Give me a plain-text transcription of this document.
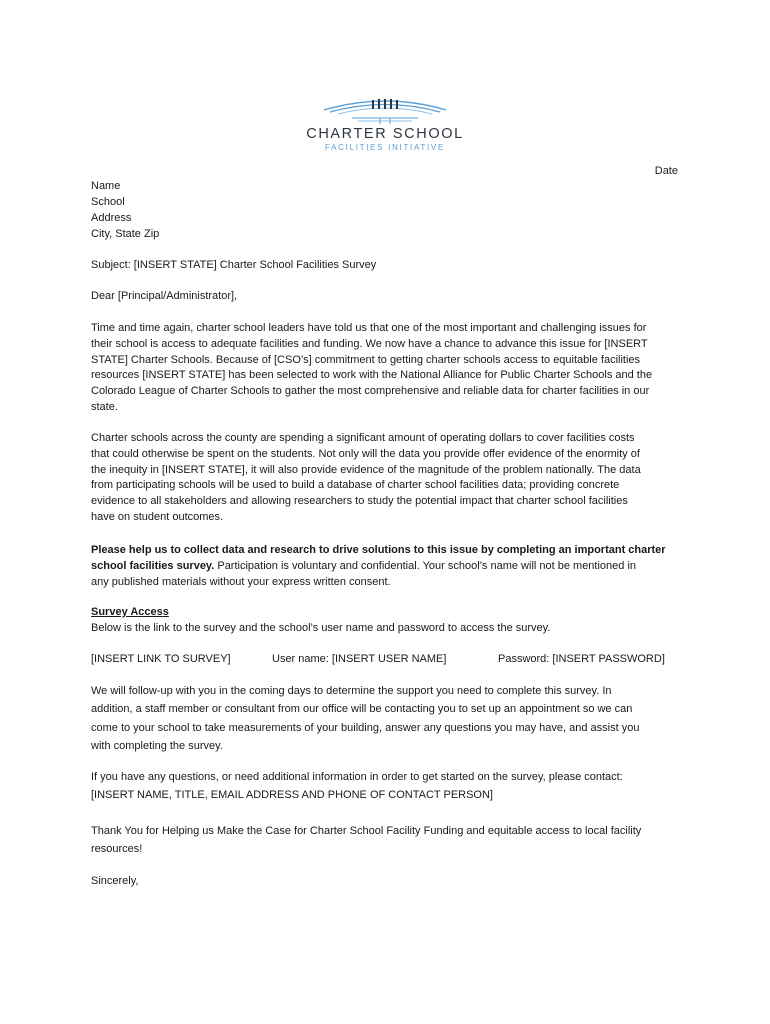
CHARTER SCHOOL
FACILITIES INITIATIVE
Date
Name
School
Address
City, State Zip
Subject: [INSERT STATE] Charter School Facilities Survey
Dear [Principal/Administrator],
Time and time again, charter school leaders have told us that one of the most important and challenging issues for
their school is access to adequate facilities and funding. We now have a chance to advance this issue for [INSERT
STATE] Charter Schools. Because of [CSO’s] commitment to getting charter schools access to equitable facilities
resources [INSERT STATE] has been selected to work with the National Alliance for Public Charter Schools and the
Colorado League of Charter Schools to gather the most comprehensive and reliable data for charter facilities in our
state.
Charter schools across the county are spending a significant amount of operating dollars to cover facilities costs
that could otherwise be spent on the students. Not only will the data you provide offer evidence of the enormity of
the inequity in [INSERT STATE], it will also provide evidence of the magnitude of the problem nationally. The data
from participating schools will be used to build a database of charter school facilities data; providing concrete
evidence to all stakeholders and allowing researchers to study the potential impact that charter school facilities
have on student outcomes.
Please help us to collect data and research to drive solutions to this issue by completing an important charter
school facilities survey. Participation is voluntary and confidential. Your school’s name will not be mentioned in
any published materials without your express written consent.
Survey Access
Below is the link to the survey and the school’s user name and password to access the survey.
[INSERT LINK TO SURVEY]	User name: [INSERT USER NAME]	Password: [INSERT PASSWORD]
We will follow-up with you in the coming days to determine the support you need to complete this survey. In
addition, a staff member or consultant from our office will be contacting you to set up an appointment so we can
come to your school to take measurements of your building, answer any questions you may have, and assist you
with completing the survey.
If you have any questions, or need additional information in order to get started on the survey, please contact:
[INSERT NAME, TITLE, EMAIL ADDRESS AND PHONE OF CONTACT PERSON]
Thank You for Helping us Make the Case for Charter School Facility Funding and equitable access to local facility
resources!
Sincerely,
